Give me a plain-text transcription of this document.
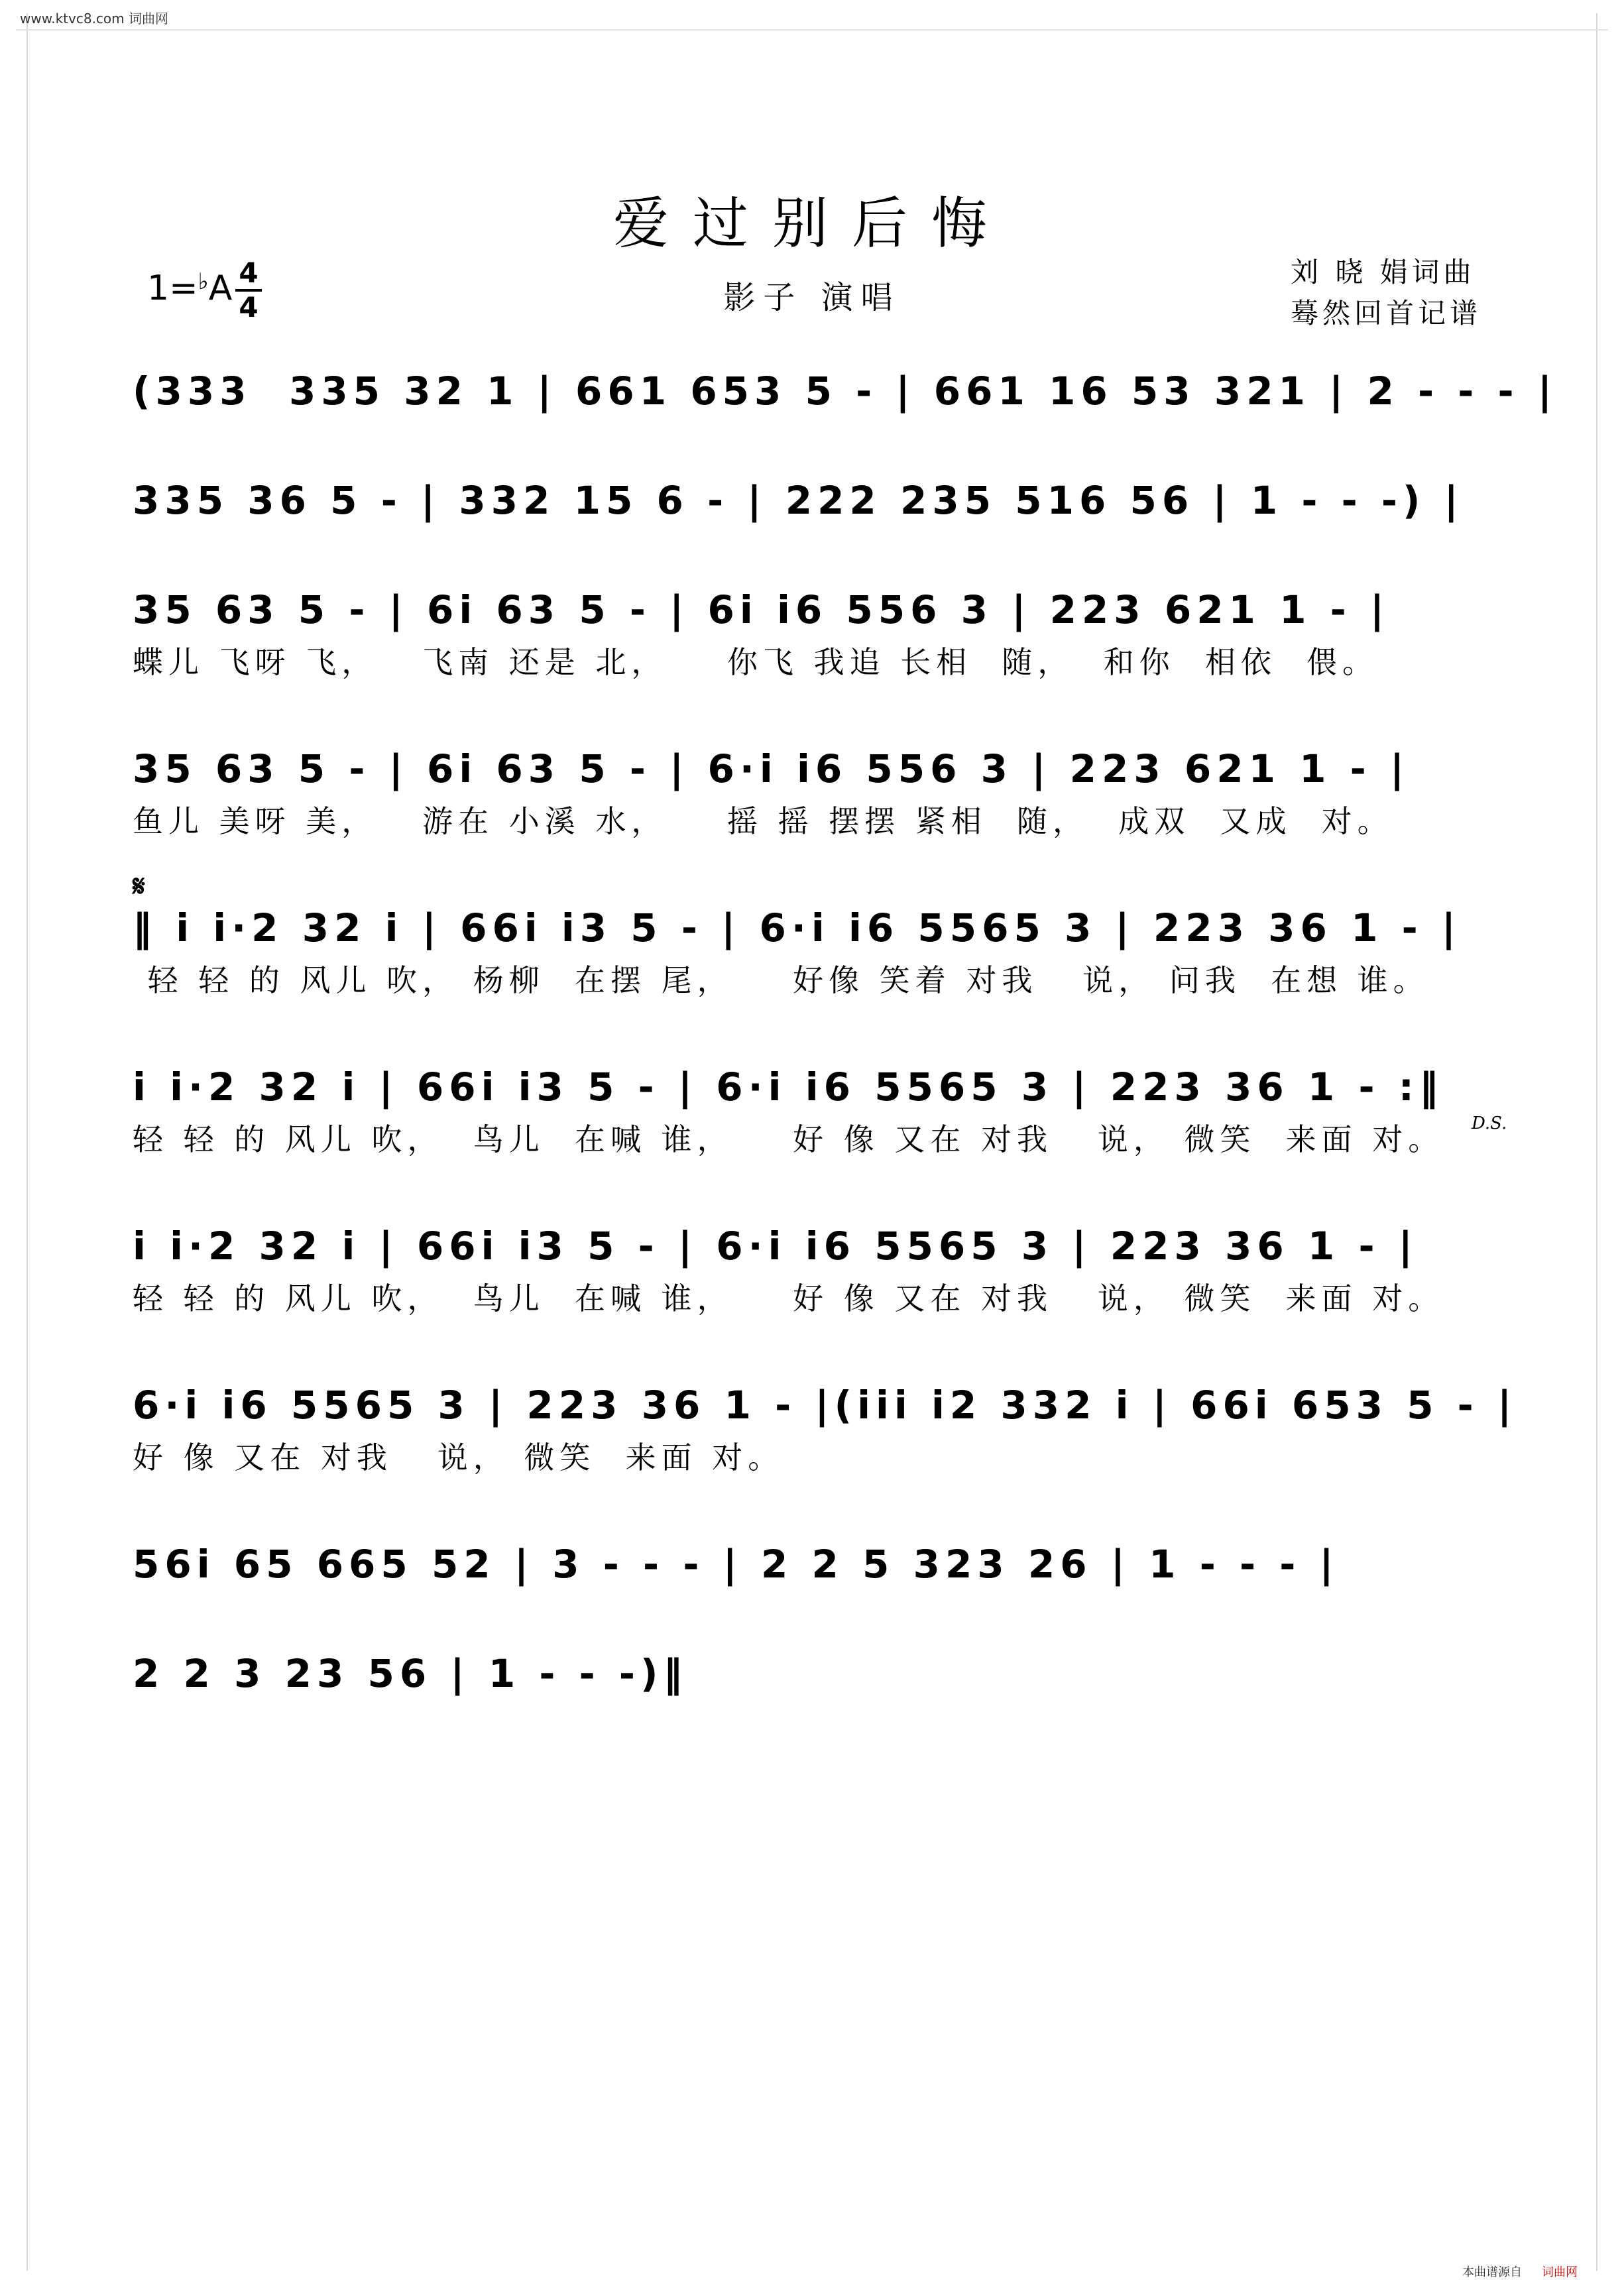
www.ktvc8.com 词曲网
爱过别后悔
影子 演唱
1=♭A 4
4
刘 晓 娟词曲
蓦然回首记谱
𝄋
D.S.
(333  335 32 1 | 661 653 5 - | 661 16 53 321 | 2 - - - |
335 36 5 - | 332 15 6 - | 222 235 516 56 | 1 - - -) |
35 63 5 - | 6i 63 5 - | 6i i6 556 3 | 223 621 1 - |
蝶儿 飞呀 飞，   飞南 还是 北，    你飞 我追 长相  随，  和你  相依  偎。
35 63 5 - | 6i 63 5 - | 6·i i6 556 3 | 223 621 1 - |
鱼儿 美呀 美，   游在 小溪 水，    摇 摇 摆摆 紧相  随，  成双  又成  对。
‖ i i·2 32 i | 66i i3 5 - | 6·i i6 5565 3 | 223 36 1 - |
轻 轻 的 风儿 吹， 杨柳  在摆 尾，    好像 笑着 对我   说， 问我  在想 谁。
i i·2 32 i | 66i i3 5 - | 6·i i6 5565 3 | 223 36 1 - :‖
轻 轻 的 风儿 吹，  鸟儿  在喊 谁，    好 像 又在 对我   说， 微笑  来面 对。
i i·2 32 i | 66i i3 5 - | 6·i i6 5565 3 | 223 36 1 - |
轻 轻 的 风儿 吹，  鸟儿  在喊 谁，    好 像 又在 对我   说， 微笑  来面 对。
6·i i6 5565 3 | 223 36 1 - |(iii i2 332 i | 66i 653 5 - |
好 像 又在 对我   说， 微笑  来面 对。
56i 65 665 52 | 3 - - - | 2 2 5 323 26 | 1 - - - |
2 2 3 23 56 | 1 - - -)‖
本曲谱源自 词曲网
